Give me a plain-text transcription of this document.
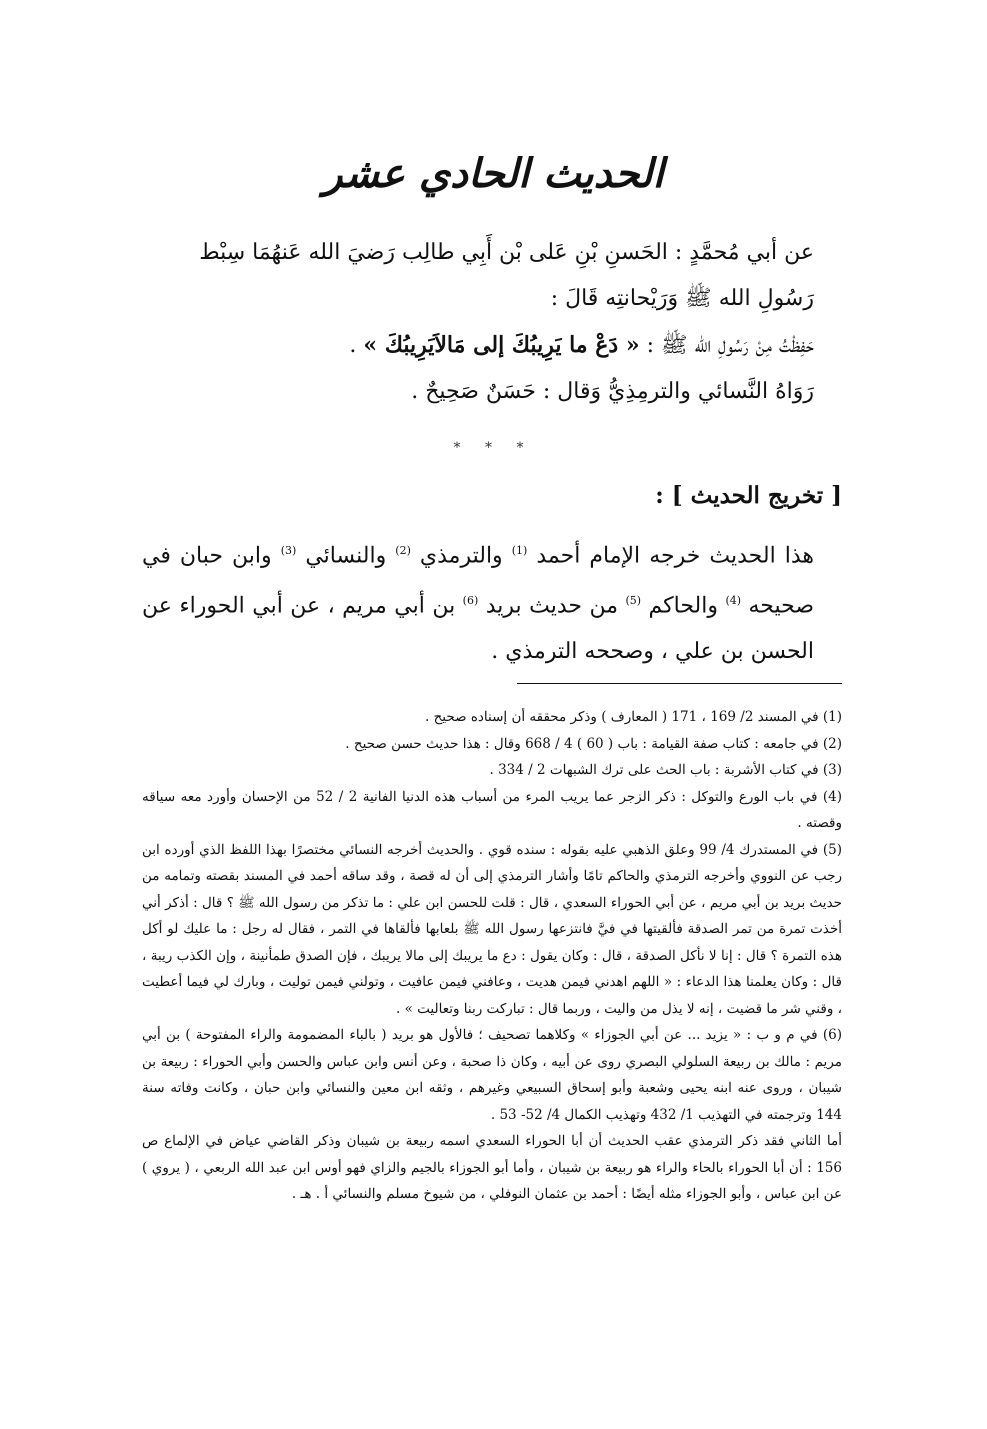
الحديث الحادي عشر

عن أبي مُحمَّدٍ : الحَسنِ بْنِ عَلى بْن أَبِي طالِب رَضيَ الله عَنهُمَا سِبْط رَسُولِ الله ﷺ وَرَيْحانتِه قَالَ :

حَفِظْتُ مِنْ رَسُولِ الله ﷺ : « دَعْ ما يَرِيبُكَ إلى مَالاَيَرِيبُكَ » .

رَوَاهُ النَّسائي والترمِذِيُّ وَقال : حَسَنٌ صَحِيحٌ .

* * *
[ تخريج الحديث ] :

هذا الحديث خرجه الإمام أحمد $^{(1)}$ والترمذي $^{(2)}$ والنسائي $^{(3)}$ وابن حبان في صحيحه $^{(4)}$ والحاكم $^{(5)}$ من حديث بريد $^{(6)}$ بن أبي مريم ، عن أبي الحوراء عن الحسن بن علي ، وصححه الترمذي .

(1) في المسند 2/ 169 ، 171 ( المعارف ) وذكر محققه أن إسناده صحيح .

(2) في جامعه : كتاب صفة القيامة : باب ( 60 ) 4 / 668 وقال : هذا حديث حسن صحيح .

(3) في كتاب الأشربة : باب الحث على ترك الشبهات 2 / 334 .

(4) في باب الورع والتوكل : ذكر الزجر عما يريب المرء من أسباب هذه الدنيا الفانية 2 / 52 من الإحسان وأورد معه سياقه وقصته .

(5) في المستدرك 4/ 99 وعلق الذهبي عليه بقوله : سنده قوي . والحديث أخرجه النسائي مختصرًا بهذا اللفظ الذي أورده ابن رجب عن النووي وأخرجه الترمذي والحاكم تامًا وأشار الترمذي إلى أن له قصة ، وقد ساقه أحمد في المسند بقصته وتمامه من حديث بريد بن أبي مريم ، عن أبي الحوراء السعدي ، قال : قلت للحسن ابن علي : ما تذكر من رسول الله ﷺ ؟ قال : أذكر أني أخذت تمرة من تمر الصدقة فألقيتها في فيَّ فانتزعها رسول الله ﷺ بلعابها فألقاها في التمر ، فقال له رجل : ما عليك لو أكل هذه التمرة ؟ قال : إنا لا نأكل الصدقة ، قال : وكان يقول : دع ما يريبك إلى مالا يريبك ، فإن الصدق طمأنينة ، وإن الكذب ريبة ، قال : وكان يعلمنا هذا الدعاء : « اللهم اهدني فيمن هديت ، وعافني فيمن عافيت ، وتولني فيمن توليت ، وبارك لي فيما أعطيت ، وقني شر ما قضيت ، إنه لا يذل من واليت ، وربما قال : تباركت ربنا وتعاليت » .

(6) في م و ب : « يزيد ... عن أبي الجوزاء » وكلاهما تصحيف ؛ فالأول هو بريد ( بالباء المضمومة والراء المفتوحة ) بن أبي مريم : مالك بن ربيعة السلولي البصري روى عن أبيه ، وكان ذا صحبة ، وعن أنس وابن عباس والحسن وأبي الحوراء : ربيعة بن شيبان ، وروى عنه ابنه يحيى وشعبة وأبو إسحاق السبيعي وغيرهم ، وثقه ابن معين والنسائي وابن حبان ، وكانت وفاته سنة 144 وترجمته في التهذيب 1/ 432 وتهذيب الكمال 4/ 52- 53 .

أما الثاني فقد ذكر الترمذي عقب الحديث أن أبا الحوراء السعدي اسمه ربيعة بن شيبان وذكر القاضي عياض في الإلماع ص 156 : أن أبا الحوراء بالحاء والراء هو ربيعة بن شيبان ، وأما أبو الجوزاء بالجيم والزاي فهو أوس ابن عبد الله الربعي ، ( يروي ) عن ابن عباس ، وأبو الجوزاء مثله أيضًا : أحمد بن عثمان النوفلي ، من شيوخ مسلم والنسائي أ . هـ .
